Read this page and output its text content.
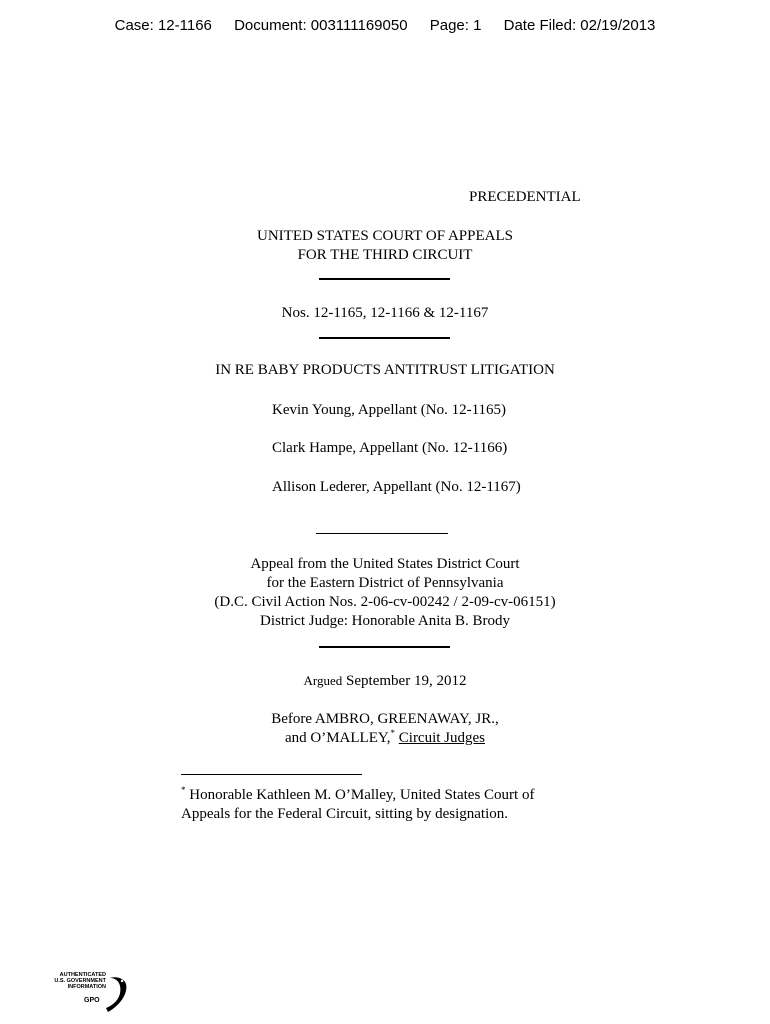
Case: 12-1166 Document: 003111169050 Page: 1 Date Filed: 02/19/2013
PRECEDENTIAL
UNITED STATES COURT OF APPEALS
FOR THE THIRD CIRCUIT
Nos. 12-1165, 12-1166 & 12-1167
IN RE BABY PRODUCTS ANTITRUST LITIGATION
Kevin Young, Appellant (No. 12-1165)
Clark Hampe, Appellant (No. 12-1166)
Allison Lederer, Appellant (No. 12-1167)
Appeal from the United States District Court
for the Eastern District of Pennsylvania
(D.C. Civil Action Nos. 2-06-cv-00242 / 2-09-cv-06151)
District Judge: Honorable Anita B. Brody
Argued September 19, 2012
Before AMBRO, GREENAWAY, JR.,
and O’MALLEY,* Circuit Judges
* Honorable Kathleen M. O’Malley, United States Court of
Appeals for the Federal Circuit, sitting by designation.
AUTHENTICATED
U.S. GOVERNMENT
INFORMATION
GPO
